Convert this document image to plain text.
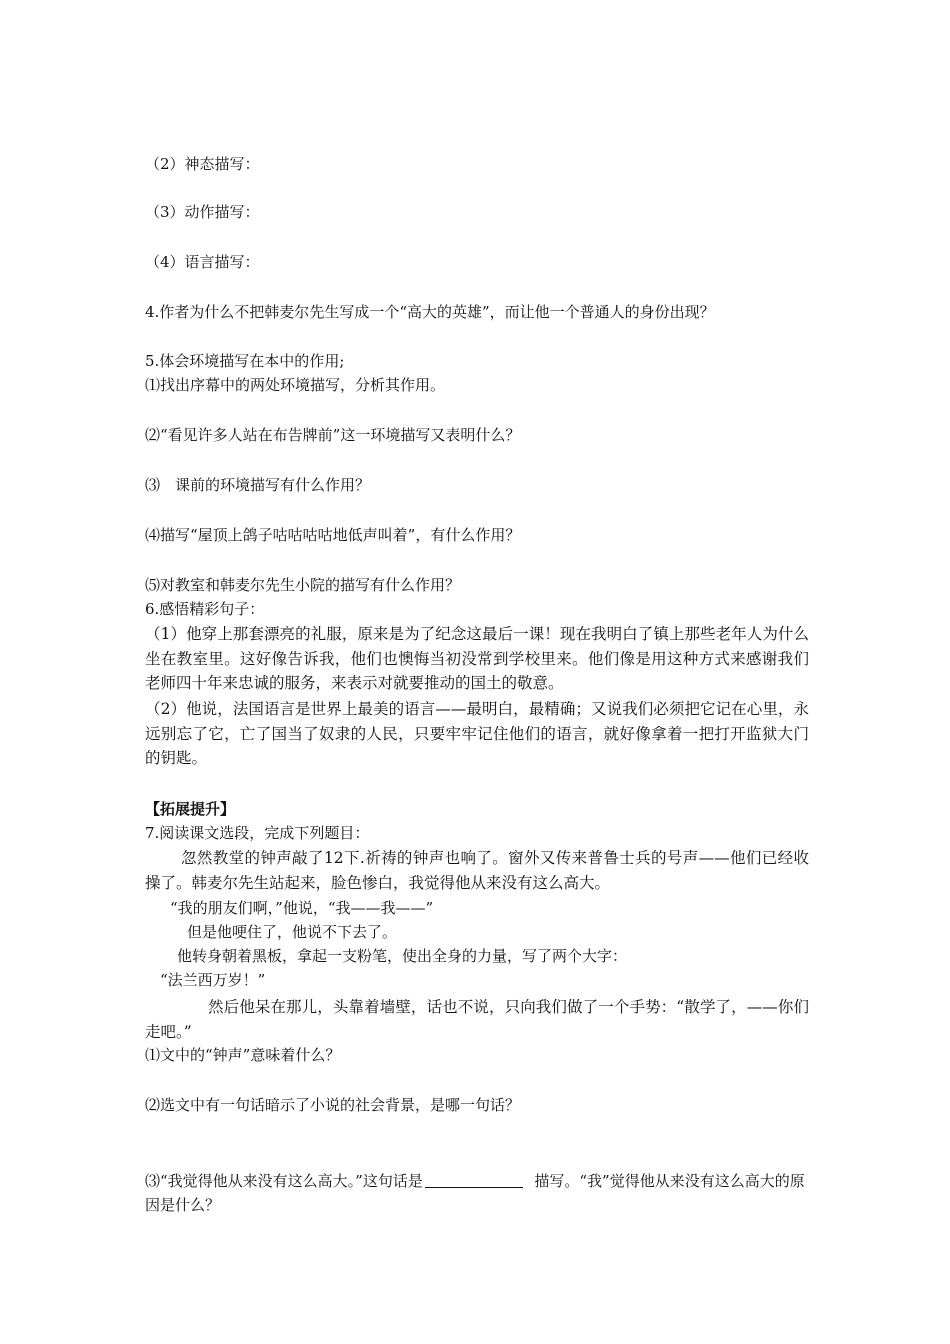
（2）神态描写：
（3）动作描写：
（4）语言描写：
4.作者为什么不把韩麦尔先生写成一个“高大的英雄”，而让他一个普通人的身份出现？
5.体会环境描写在本中的作用;
⑴找出序幕中的两处环境描写，分析其作用。
⑵“看见许多人站在布告牌前”这一环境描写又表明什么？
⑶　课前的环境描写有什么作用？
⑷描写“屋顶上鸽子咕咕咕咕地低声叫着”，有什么作用？
⑸对教室和韩麦尔先生小院的描写有什么作用？
6.感悟精彩句子：
（1）他穿上那套漂亮的礼服，原来是为了纪念这最后一课！现在我明白了镇上那些老年人为什么坐在教室里。这好像告诉我，他们也懊悔当初没常到学校里来。他们像是用这种方式来感谢我们老师四十年来忠诚的服务，来表示对就要推动的国土的敬意。
（2）他说，法国语言是世界上最美的语言——最明白，最精确；又说我们必须把它记在心里，永远别忘了它，亡了国当了奴隶的人民，只要牢牢记住他们的语言，就好像拿着一把打开监狱大门的钥匙。
【拓展提升】
7.阅读课文选段，完成下列题目：
忽然教堂的钟声敲了12下.祈祷的钟声也响了。窗外又传来普鲁士兵的号声——他们已经收操了。韩麦尔先生站起来，脸色惨白，我觉得他从来没有这么高大。
“我的朋友们啊，”他说，“我——我——”
但是他哽住了，他说不下去了。
他转身朝着黑板，拿起一支粉笔，使出全身的力量，写了两个大字：
“法兰西万岁！”
然后他呆在那儿，头靠着墙壁，话也不说，只向我们做了一个手势：“散学了，——你们走吧。”
⑴文中的“钟声”意味着什么？
⑵选文中有一句话暗示了小说的社会背景，是哪一句话？
⑶“我觉得他从来没有这么高大。”这句话是	描写。“我”觉得他从来没有这么高大的原因是什么？
